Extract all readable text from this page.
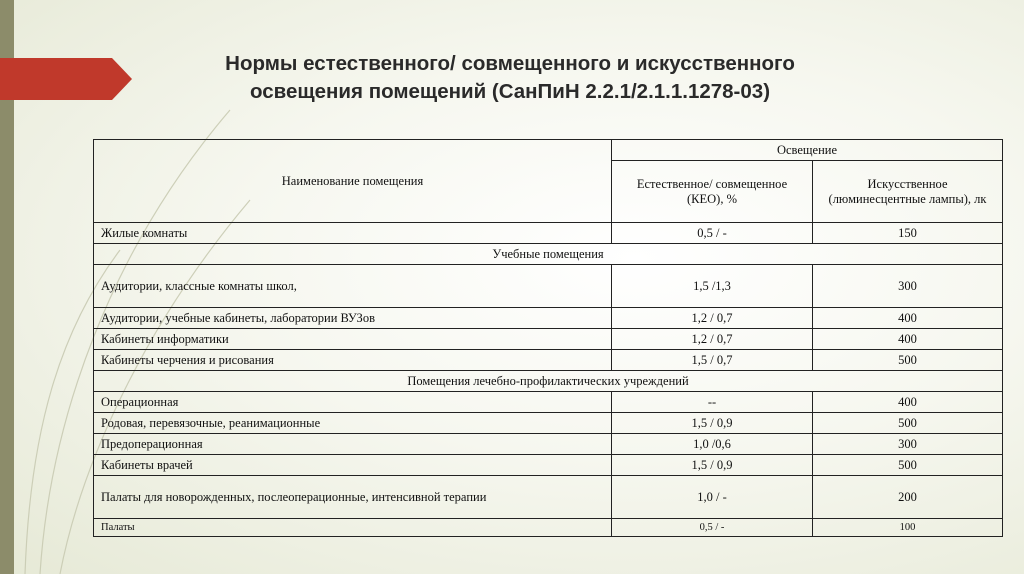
Нормы естественного/ совмещенного и искусственного
освещения помещений (СанПиН 2.2.1/2.1.1.1278-03)
Наименование помещения	Освещение	
	Естественное/ совмещенное (КЕО), %	Искусственное (люминесцентные лампы), лк
Жилые комнаты	0,5 / -	150
Учебные помещения		
Аудитории, классные комнаты школ,	1,5 /1,3	300
Аудитории, учебные кабинеты, лаборатории ВУЗов	1,2 / 0,7	400
Кабинеты информатики	1,2 / 0,7	400
Кабинеты черчения и рисования	1,5 / 0,7	500
Помещения лечебно-профилактических учреждений		
Операционная	--	400
Родовая, перевязочные, реанимационные	1,5 / 0,9	500
Предоперационная	1,0 /0,6	300
Кабинеты врачей	1,5 / 0,9	500
Палаты для новорожденных, послеоперационные, интенсивной терапии	1,0 / -	200
Палаты	0,5 / -	100
